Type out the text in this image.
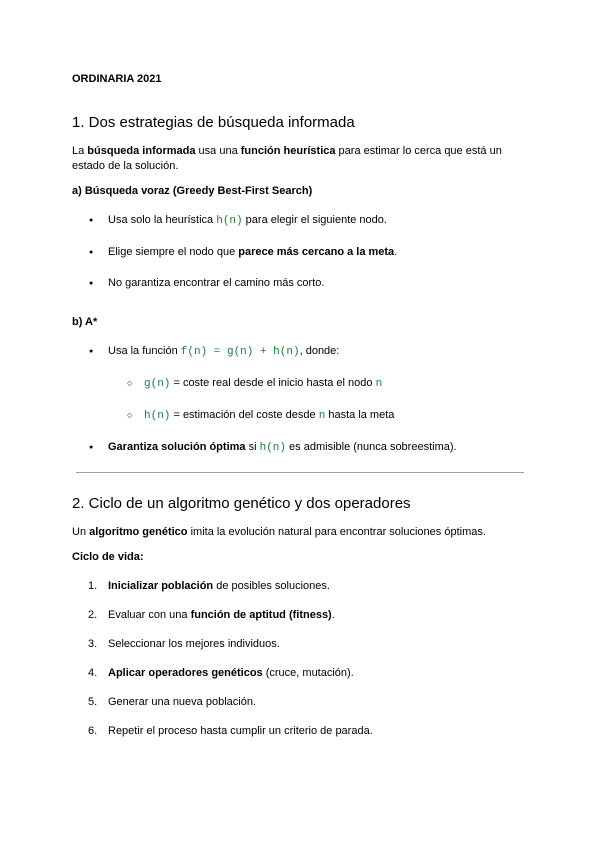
ORDINARIA 2021
1. Dos estrategias de búsqueda informada

La búsqueda informada usa una función heurística para estimar lo cerca que está un estado de la solución.

a) Búsqueda voraz (Greedy Best-First Search)
● Usa solo la heurística h(n) para elegir el siguiente nodo.
● Elige siempre el nodo que parece más cercano a la meta.
● No garantiza encontrar el camino más corto.
b) A*
● Usa la función f(n) = g(n) + h(n), donde:
○ g(n) = coste real desde el inicio hasta el nodo n
○ h(n) = estimación del coste desde n hasta la meta
● Garantiza solución óptima si h(n) es admisible (nunca sobreestima).
2. Ciclo de un algoritmo genético y dos operadores

Un algoritmo genético imita la evolución natural para encontrar soluciones óptimas.

Ciclo de vida:
1. Inicializar población de posibles soluciones.
2. Evaluar con una función de aptitud (fitness).
3. Seleccionar los mejores individuos.
4. Aplicar operadores genéticos (cruce, mutación).
5. Generar una nueva población.
6. Repetir el proceso hasta cumplir un criterio de parada.
